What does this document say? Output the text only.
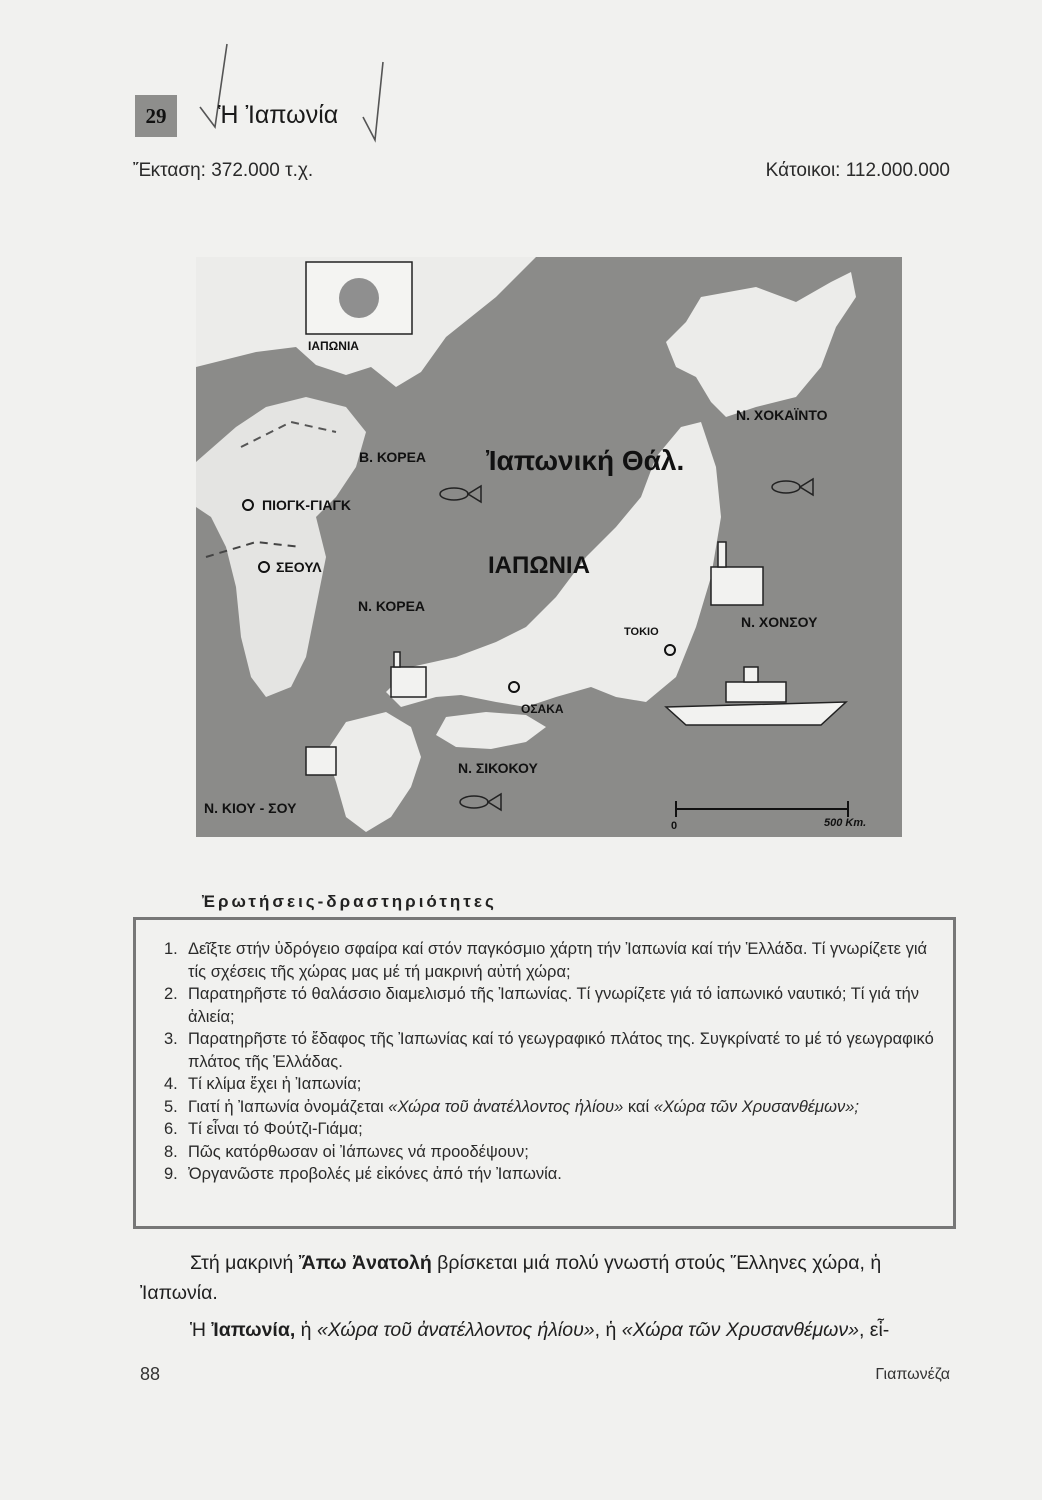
29	Ἡ Ἰαπωνία
Ἔκταση: 372.000 τ.χ.	Κάτοικοι: 112.000.000
ΙΑΠΩΝΙΑ
Ἰαπωνική Θάλ.
ΙΑΠΩΝΙΑ
Β. ΚΟΡΕΑ
ΠΙΟΓΚ-ΓΙΑΓΚ
ΣΕΟΥΛ
Ν. ΚΟΡΕΑ
Ν. ΧΟΚΑΪΝΤΟ
Ν. ΧΟΝΣΟΥ
ΤΟΚΙΟ
ΟΣΑΚΑ
Ν. ΣΙΚΟΚΟΥ
Ν. ΚΙΟΥ - ΣΟΥ
0	500 Km.
Ἐρωτήσεις-δραστηριότητες
1. Δεῖξτε στήν ὑδρόγειο σφαίρα καί στόν παγκόσμιο χάρτη τήν Ἰαπωνία καί τήν Ἑλλάδα. Τί γνωρίζετε γιά τίς σχέσεις τῆς χώρας μας μέ τή μακρινή αὐτή χώρα;
2. Παρατηρῆστε τό θαλάσσιο διαμελισμό τῆς Ἰαπωνίας. Τί γνωρίζετε γιά τό ἰαπωνικό ναυτικό; Τί γιά τήν ἁλιεία;
3. Παρατηρῆστε τό ἔδαφος τῆς Ἰαπωνίας καί τό γεωγραφικό πλάτος της. Συγκρίνατέ το μέ τό γεωγραφικό πλάτος τῆς Ἑλλάδας.
4. Τί κλίμα ἔχει ἡ Ἰαπωνία;
5. Γιατί ἡ Ἰαπωνία ὀνομάζεται «Χώρα τοῦ ἀνατέλλοντος ἡλίου» καί «Χώρα τῶν Χρυσανθέμων»;
6. Τί εἶναι τό Φούτζι-Γιάμα;
8. Πῶς κατόρθωσαν οἱ Ἰάπωνες νά προοδέψουν;
9. Ὀργανῶστε προβολές μέ εἰκόνες ἀπό τήν Ἰαπωνία.

Στή μακρινή Ἄπω Ἀνατολή βρίσκεται μιά πολύ γνωστή στούς Ἕλληνες χώρα, ἡ Ἰαπωνία.

Ἡ Ἰαπωνία, ἡ «Χώρα τοῦ ἀνατέλλοντος ἡλίου», ἡ «Χώρα τῶν Χρυσανθέμων», εἶ-

88	Γιαπωνέζα
